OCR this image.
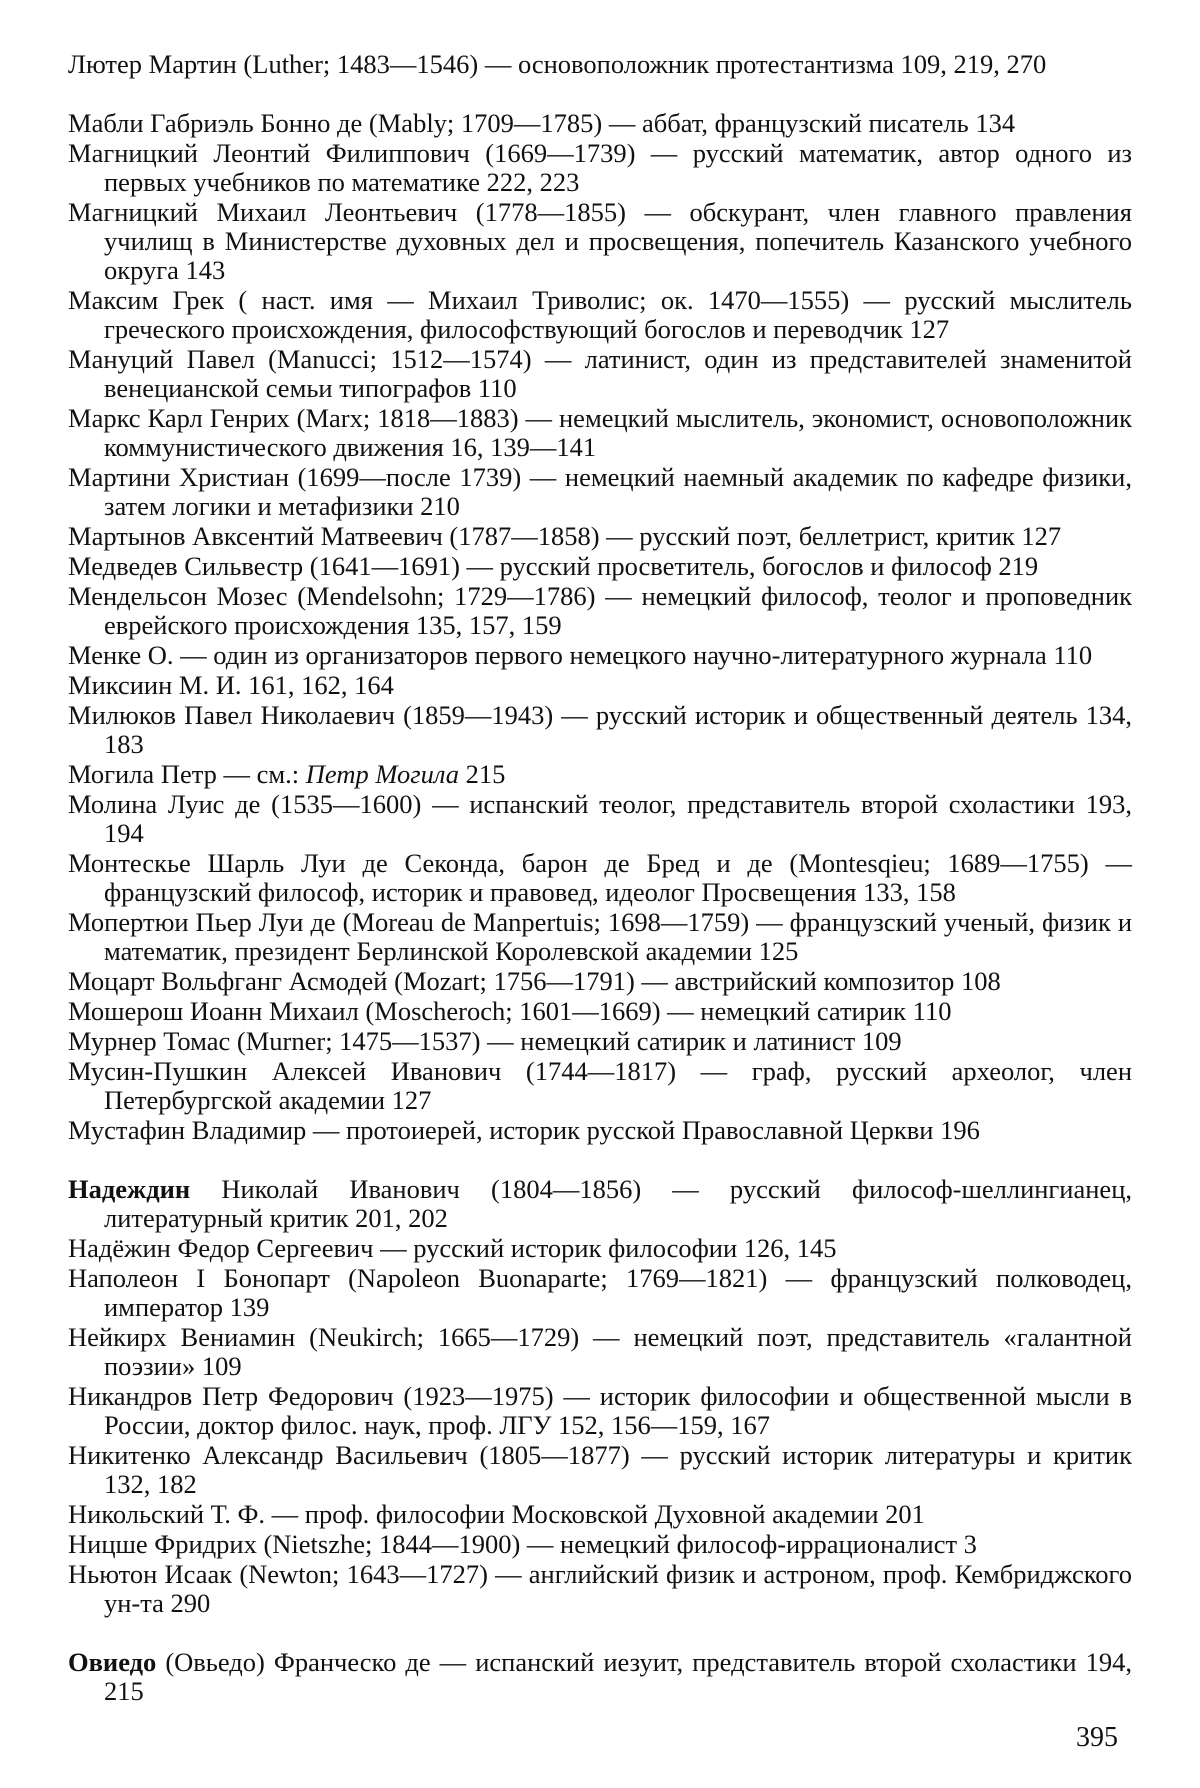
Лютер Мартин (Luther; 1483—1546) — основоположник протестантизма 109, 219, 270
Мабли Габриэль Бонно де (Mably; 1709—1785) — аббат, французский писатель 134
Магницкий Леонтий Филиппович (1669—1739) — русский математик, автор одного из первых учебников по математике 222, 223
Магницкий Михаил Леонтьевич (1778—1855) — обскурант, член главного правления училищ в Министерстве духовных дел и просвещения, попечитель Казанского учебного округа 143
Максим Грек ( наст. имя — Михаил Триволис; ок. 1470—1555) — русский мыслитель греческого происхождения, философствующий богослов и переводчик 127
Мануций Павел (Manucci; 1512—1574) — латинист, один из представителей знаменитой венецианской семьи типографов 110
Маркс Карл Генрих (Marx; 1818—1883) — немецкий мыслитель, экономист, основоположник коммунистического движения 16, 139—141
Мартини Христиан (1699—после 1739) — немецкий наемный академик по кафедре физики, затем логики и метафизики 210
Мартынов Авксентий Матвеевич (1787—1858) — русский поэт, беллетрист, критик 127
Медведев Сильвестр (1641—1691) — русский просветитель, богослов и философ 219
Мендельсон Мозес (Mendelsohn; 1729—1786) — немецкий философ, теолог и проповедник еврейского происхождения 135, 157, 159
Менке О. — один из организаторов первого немецкого научно-литературного журнала 110
Миксиин М. И. 161, 162, 164
Милюков Павел Николаевич (1859—1943) — русский историк и общественный деятель 134, 183
Могила Петр — см.: Петр Могила 215
Молина Луис де (1535—1600) — испанский теолог, представитель второй схоластики 193, 194
Монтескье Шарль Луи де Секонда, барон де Бред и де (Montesqieu; 1689—1755) — французский философ, историк и правовед, идеолог Просвещения 133, 158
Мопертюи Пьер Луи де (Moreau de Manpertuis; 1698—1759) — французский ученый, физик и математик, президент Берлинской Королевской академии 125
Моцарт Вольфганг Асмодей (Mozart; 1756—1791) — австрийский композитор 108
Мошерош Иоанн Михаил (Moscheroch; 1601—1669) — немецкий сатирик 110
Мурнер Томас (Murner; 1475—1537) — немецкий сатирик и латинист 109
Мусин-Пушкин Алексей Иванович (1744—1817) — граф, русский археолог, член Петербургской академии 127
Мустафин Владимир — протоиерей, историк русской Православной Церкви 196
Надеждин Николай Иванович (1804—1856) — русский философ-шеллингианец, литературный критик 201, 202
Надёжин Федор Сергеевич — русский историк философии 126, 145
Наполеон I Бонопарт (Napoleon Buonaparte; 1769—1821) — французский полководец, император 139
Нейкирх Вениамин (Neukirch; 1665—1729) — немецкий поэт, представитель «галантной поэзии» 109
Никандров Петр Федорович (1923—1975) — историк философии и общественной мысли в России, доктор филос. наук, проф. ЛГУ 152, 156—159, 167
Никитенко Александр Васильевич (1805—1877) — русский историк литературы и критик 132, 182
Никольский Т. Ф. — проф. философии Московской Духовной академии 201
Ницше Фридрих (Nietszhe; 1844—1900) — немецкий философ-иррационалист 3
Ньютон Исаак (Newton; 1643—1727) — английский физик и астроном, проф. Кембриджского ун-та 290
Овиедо (Овьедо) Франческо де — испанский иезуит, представитель второй схоластики 194, 215
395
